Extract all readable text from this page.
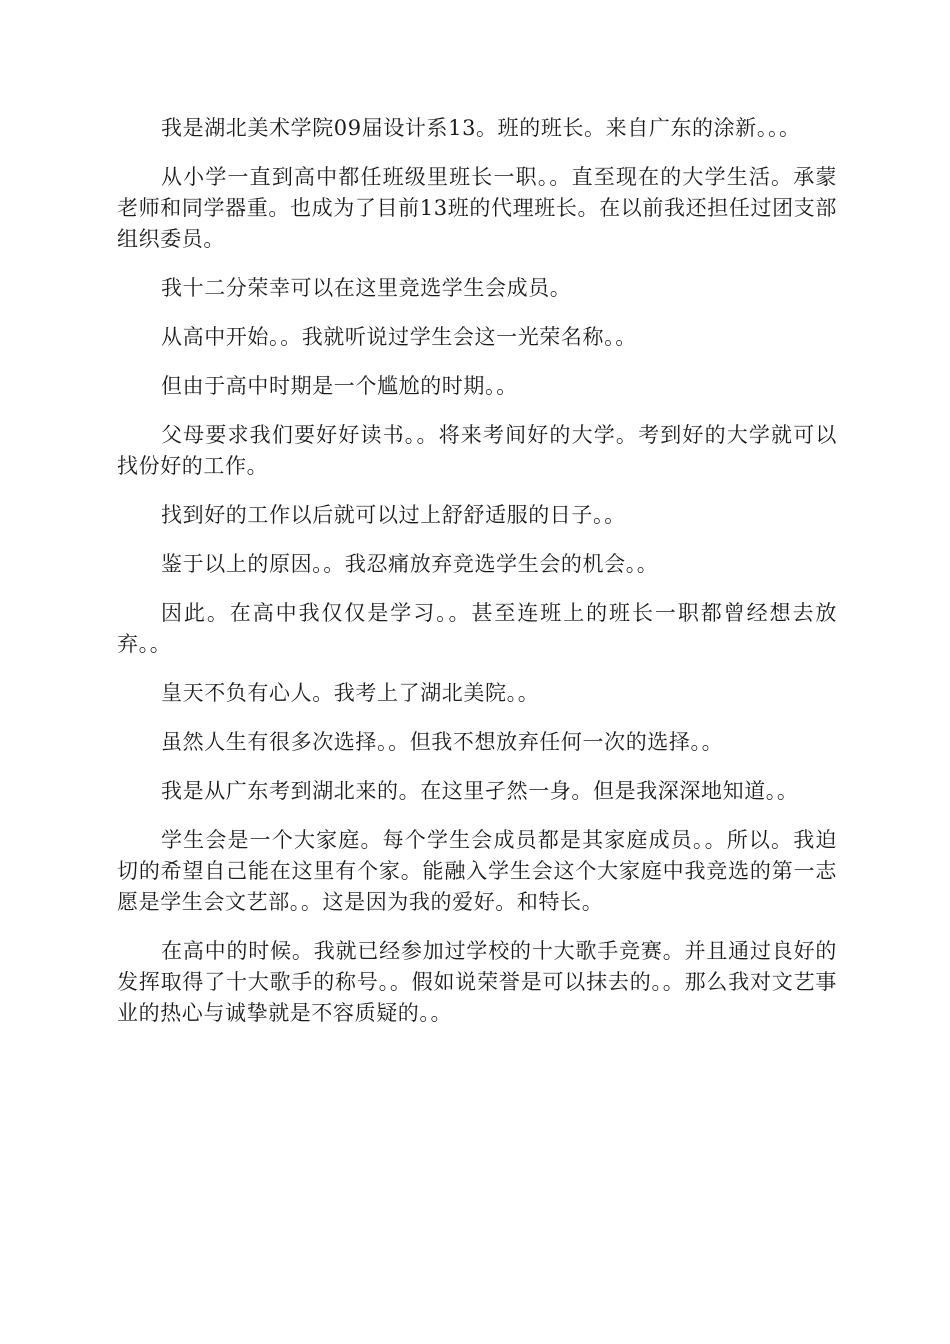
我是湖北美术学院09届设计系13。班的班长。来自广东的涂新。。。

从小学一直到高中都任班级里班长一职。。直至现在的大学生活。承蒙老师和同学器重。也成为了目前13班的代理班长。在以前我还担任过团支部组织委员。

我十二分荣幸可以在这里竞选学生会成员。

从高中开始。。我就听说过学生会这一光荣名称。。

但由于高中时期是一个尴尬的时期。。

父母要求我们要好好读书。。将来考间好的大学。考到好的大学就可以找份好的工作。

找到好的工作以后就可以过上舒舒适服的日子。。

鉴于以上的原因。。我忍痛放弃竞选学生会的机会。。

因此。在高中我仅仅是学习。。甚至连班上的班长一职都曾经想去放弃。。

皇天不负有心人。我考上了湖北美院。。

虽然人生有很多次选择。。但我不想放弃任何一次的选择。。

我是从广东考到湖北来的。在这里孑然一身。但是我深深地知道。。

学生会是一个大家庭。每个学生会成员都是其家庭成员。。所以。我迫切的希望自己能在这里有个家。能融入学生会这个大家庭中我竞选的第一志愿是学生会文艺部。。这是因为我的爱好。和特长。

在高中的时候。我就已经参加过学校的十大歌手竞赛。并且通过良好的发挥取得了十大歌手的称号。。假如说荣誉是可以抹去的。。那么我对文艺事业的热心与诚挚就是不容质疑的。。
